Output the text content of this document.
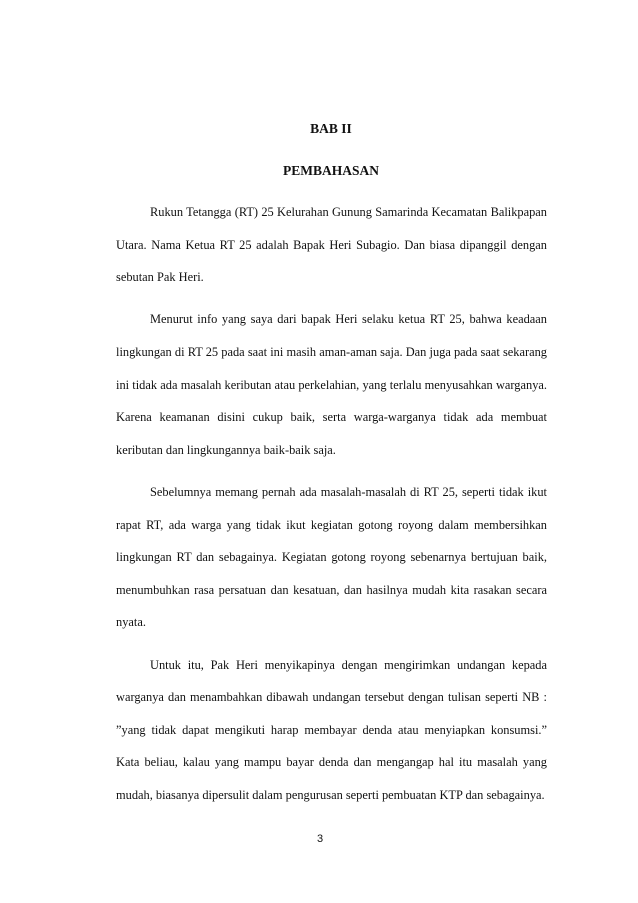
BAB II
PEMBAHASAN

Rukun Tetangga (RT) 25 Kelurahan Gunung Samarinda Kecamatan Balikpapan Utara. Nama Ketua RT 25 adalah Bapak Heri Subagio. Dan biasa dipanggil dengan sebutan Pak Heri.

Menurut info yang saya dari bapak Heri selaku ketua RT 25, bahwa keadaan lingkungan di RT 25 pada saat ini masih aman-aman saja. Dan juga pada saat sekarang ini tidak ada masalah keributan atau perkelahian, yang terlalu menyusahkan warganya. Karena keamanan disini cukup baik, serta warga-warganya tidak ada membuat keributan dan lingkungannya baik-baik saja.

Sebelumnya memang pernah ada masalah-masalah di RT 25, seperti tidak ikut rapat RT, ada warga yang tidak ikut kegiatan gotong royong dalam membersihkan lingkungan RT dan sebagainya. Kegiatan gotong royong sebenarnya bertujuan baik, menumbuhkan rasa persatuan dan kesatuan, dan hasilnya mudah kita rasakan secara nyata.

Untuk itu, Pak Heri menyikapinya dengan mengirimkan undangan kepada warganya dan menambahkan dibawah undangan tersebut dengan tulisan seperti NB : ”yang tidak dapat mengikuti harap membayar denda atau menyiapkan konsumsi.” Kata beliau, kalau yang mampu bayar denda dan mengangap hal itu masalah yang mudah, biasanya dipersulit dalam pengurusan seperti pembuatan KTP dan sebagainya.

3
